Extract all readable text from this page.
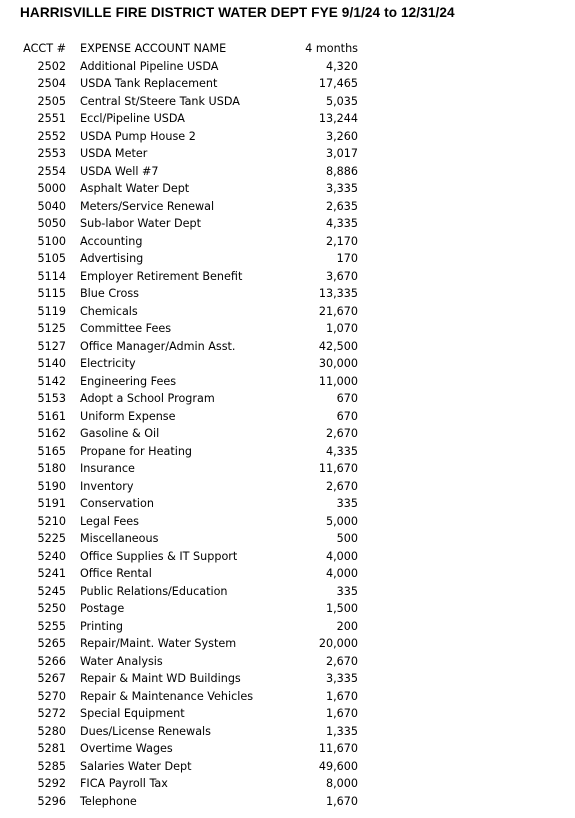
HARRISVILLE FIRE DISTRICT WATER DEPT FYE 9/1/24 to 12/31/24
ACCT # EXPENSE ACCOUNT NAME	4 months
2502 Additional Pipeline USDA	4,320
2504 USDA Tank Replacement	17,465
2505 Central St/Steere Tank USDA	5,035
2551 Eccl/Pipeline USDA	13,244
2552 USDA Pump House 2	3,260
2553 USDA Meter	3,017
2554 USDA Well #7	8,886
5000 Asphalt Water Dept	3,335
5040 Meters/Service Renewal	2,635
5050 Sub-labor Water Dept	4,335
5100 Accounting	2,170
5105 Advertising	170
5114 Employer Retirement Benefit	3,670
5115 Blue Cross	13,335
5119 Chemicals	21,670
5125 Committee Fees	1,070
5127 Office Manager/Admin Asst.	42,500
5140 Electricity	30,000
5142 Engineering Fees	11,000
5153 Adopt a School Program	670
5161 Uniform Expense	670
5162 Gasoline & Oil	2,670
5165 Propane for Heating	4,335
5180 Insurance	11,670
5190 Inventory	2,670
5191 Conservation	335
5210 Legal Fees	5,000
5225 Miscellaneous	500
5240 Office Supplies & IT Support	4,000
5241 Office Rental	4,000
5245 Public Relations/Education	335
5250 Postage	1,500
5255 Printing	200
5265 Repair/Maint. Water System	20,000
5266 Water Analysis	2,670
5267 Repair & Maint WD Buildings	3,335
5270 Repair & Maintenance Vehicles	1,670
5272 Special Equipment	1,670
5280 Dues/License Renewals	1,335
5281 Overtime Wages	11,670
5285 Salaries Water Dept	49,600
5292 FICA Payroll Tax	8,000
5296 Telephone	1,670
